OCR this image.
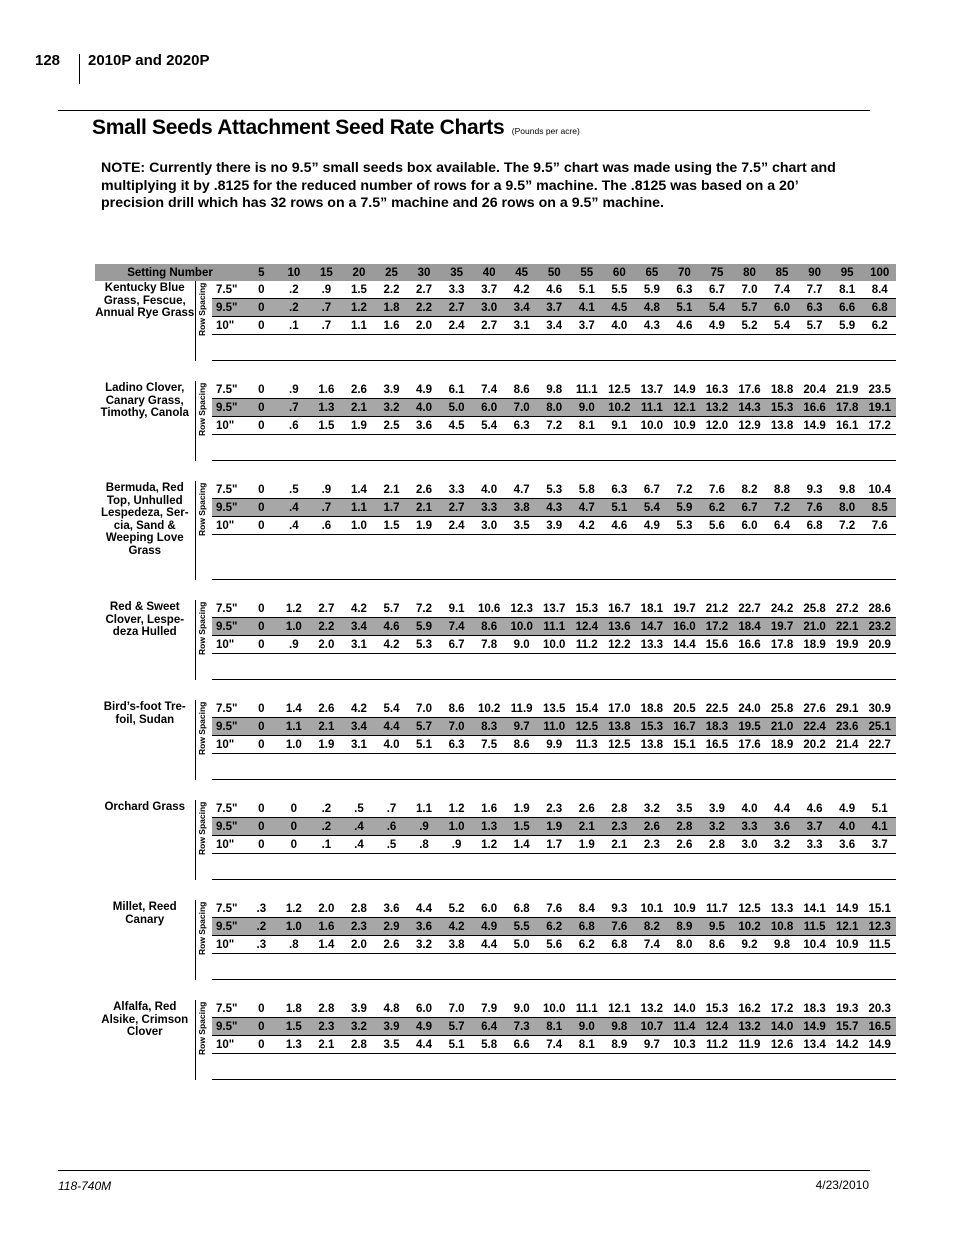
128 2010P and 2020P
Small Seeds Attachment Seed Rate Charts (Pounds per acre)
NOTE: Currently there is no 9.5” small seeds box available. The 9.5” chart was made using the 7.5” chart and multiplying it by .8125 for the reduced number of rows for a 9.5” machine. The .8125 was based on a 20’ precision drill which has 32 rows on a 7.5” machine and 26 rows on a 9.5” machine.
Setting Number			5	10	15	20	25	30	35	40	45	50	55	60	65	70	75	80	85	90	95	100
Kentucky Blue Grass, Fescue, Annual Rye Grass	Row Spacing	7.5"	0	.2	.9	1.5	2.2	2.7	3.3	3.7	4.2	4.6	5.1	5.5	5.9	6.3	6.7	7.0	7.4	7.7	8.1	8.4
		9.5"	0	.2	.7	1.2	1.8	2.2	2.7	3.0	3.4	3.7	4.1	4.5	4.8	5.1	5.4	5.7	6.0	6.3	6.6	6.8
		10"	0	.1	.7	1.1	1.6	2.0	2.4	2.7	3.1	3.4	3.7	4.0	4.3	4.6	4.9	5.2	5.4	5.7	5.9	6.2

Ladino Clover, Canary Grass, Timothy, Canola	Row Spacing	7.5"	0	.9	1.6	2.6	3.9	4.9	6.1	7.4	8.6	9.8	11.1	12.5	13.7	14.9	16.3	17.6	18.8	20.4	21.9	23.5
		9.5"	0	.7	1.3	2.1	3.2	4.0	5.0	6.0	7.0	8.0	9.0	10.2	11.1	12.1	13.2	14.3	15.3	16.6	17.8	19.1
		10"	0	.6	1.5	1.9	2.5	3.6	4.5	5.4	6.3	7.2	8.1	9.1	10.0	10.9	12.0	12.9	13.8	14.9	16.1	17.2

Bermuda, Red Top, Unhulled Lespedeza, Ser-cia, Sand & Weeping Love Grass	Row Spacing	7.5"	0	.5	.9	1.4	2.1	2.6	3.3	4.0	4.7	5.3	5.8	6.3	6.7	7.2	7.6	8.2	8.8	9.3	9.8	10.4
		9.5"	0	.4	.7	1.1	1.7	2.1	2.7	3.3	3.8	4.3	4.7	5.1	5.4	5.9	6.2	6.7	7.2	7.6	8.0	8.5
		10"	0	.4	.6	1.0	1.5	1.9	2.4	3.0	3.5	3.9	4.2	4.6	4.9	5.3	5.6	6.0	6.4	6.8	7.2	7.6

Red & Sweet Clover, Lespe-deza Hulled	Row Spacing	7.5"	0	1.2	2.7	4.2	5.7	7.2	9.1	10.6	12.3	13.7	15.3	16.7	18.1	19.7	21.2	22.7	24.2	25.8	27.2	28.6
		9.5"	0	1.0	2.2	3.4	4.6	5.9	7.4	8.6	10.0	11.1	12.4	13.6	14.7	16.0	17.2	18.4	19.7	21.0	22.1	23.2
		10"	0	.9	2.0	3.1	4.2	5.3	6.7	7.8	9.0	10.0	11.2	12.2	13.3	14.4	15.6	16.6	17.8	18.9	19.9	20.9

Bird’s-foot Tre-foil, Sudan	Row Spacing	7.5"	0	1.4	2.6	4.2	5.4	7.0	8.6	10.2	11.9	13.5	15.4	17.0	18.8	20.5	22.5	24.0	25.8	27.6	29.1	30.9
		9.5"	0	1.1	2.1	3.4	4.4	5.7	7.0	8.3	9.7	11.0	12.5	13.8	15.3	16.7	18.3	19.5	21.0	22.4	23.6	25.1
		10"	0	1.0	1.9	3.1	4.0	5.1	6.3	7.5	8.6	9.9	11.3	12.5	13.8	15.1	16.5	17.6	18.9	20.2	21.4	22.7

Orchard Grass	Row Spacing	7.5"	0	0	.2	.5	.7	1.1	1.2	1.6	1.9	2.3	2.6	2.8	3.2	3.5	3.9	4.0	4.4	4.6	4.9	5.1
		9.5"	0	0	.2	.4	.6	.9	1.0	1.3	1.5	1.9	2.1	2.3	2.6	2.8	3.2	3.3	3.6	3.7	4.0	4.1
		10"	0	0	.1	.4	.5	.8	.9	1.2	1.4	1.7	1.9	2.1	2.3	2.6	2.8	3.0	3.2	3.3	3.6	3.7

Millet, Reed Canary	Row Spacing	7.5"	.3	1.2	2.0	2.8	3.6	4.4	5.2	6.0	6.8	7.6	8.4	9.3	10.1	10.9	11.7	12.5	13.3	14.1	14.9	15.1
		9.5"	.2	1.0	1.6	2.3	2.9	3.6	4.2	4.9	5.5	6.2	6.8	7.6	8.2	8.9	9.5	10.2	10.8	11.5	12.1	12.3
		10"	.3	.8	1.4	2.0	2.6	3.2	3.8	4.4	5.0	5.6	6.2	6.8	7.4	8.0	8.6	9.2	9.8	10.4	10.9	11.5

Alfalfa, Red Alsike, Crimson Clover	Row Spacing	7.5"	0	1.8	2.8	3.9	4.8	6.0	7.0	7.9	9.0	10.0	11.1	12.1	13.2	14.0	15.3	16.2	17.2	18.3	19.3	20.3
		9.5"	0	1.5	2.3	3.2	3.9	4.9	5.7	6.4	7.3	8.1	9.0	9.8	10.7	11.4	12.4	13.2	14.0	14.9	15.7	16.5
		10"	0	1.3	2.1	2.8	3.5	4.4	5.1	5.8	6.6	7.4	8.1	8.9	9.7	10.3	11.2	11.9	12.6	13.4	14.2	14.9

118-740M	4/23/2010
